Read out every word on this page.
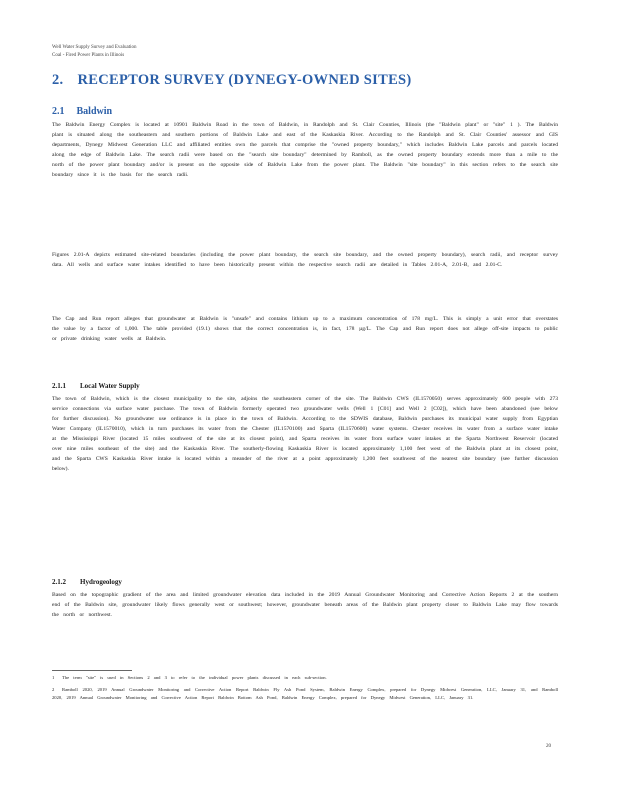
Well Water Supply Survey and Evaluation
Coal - Fired Power Plants in Illinois
2. RECEPTOR SURVEY (DYNEGY-OWNED SITES)
2.1 Baldwin
The Baldwin Energy Complex is located at 10901 Baldwin Road in the town of Baldwin, in Randolph and St. Clair Counties, Illinois (the "Baldwin plant" or "site" 1 ). The Baldwin plant is situated along the southeastern and southern portions of Baldwin Lake and east of the Kaskaskia River. According to the Randolph and St. Clair Counties' assessor and GIS departments, Dynegy Midwest Generation LLC and affiliated entities own the parcels that comprise the "owned property boundary," which includes Baldwin Lake parcels and parcels located along the edge of Baldwin Lake. The search radii were based on the "search site boundary" determined by Ramboll, as the owned property boundary extends more than a mile to the north of the power plant boundary and/or is present on the opposite side of Baldwin Lake from the power plant. The Baldwin "site boundary" in this section refers to the search site boundary since it is the basis for the search radii.
Figures 2.01-A depicts estimated site-related boundaries (including the power plant boundary, the search site boundary, and the owned property boundary), search radii, and receptor survey data. All wells and surface water intakes identified to have been historically present within the respective search radii are detailed in Tables 2.01-A, 2.01-B, and 2.01-C.
The Cap and Run report alleges that groundwater at Baldwin is "unsafe" and contains lithium up to a maximum concentration of 178 mg/L. This is simply a unit error that overstates the value by a factor of 1,000. The table provided (19.1) shows that the correct concentration is, in fact, 178 µg/L. The Cap and Run report does not allege off-site impacts to public or private drinking water wells at Baldwin.
2.1.1 Local Water Supply
The town of Baldwin, which is the closest municipality to the site, adjoins the southeastern corner of the site. The Baldwin CWS (IL1570050) serves approximately 600 people with 273 service connections via surface water purchase. The town of Baldwin formerly operated two groundwater wells (Well 1 [C01] and Well 2 [C02]), which have been abandoned (see below for further discussion). No groundwater use ordinance is in place in the town of Baldwin. According to the SDWIS database, Baldwin purchases its municipal water supply from Egyptian Water Company (IL1570010), which in turn purchases its water from the Chester (IL1570100) and Sparta (IL1570600) water systems. Chester receives its water from a surface water intake at the Mississippi River (located 15 miles southwest of the site at its closest point), and Sparta receives its water from surface water intakes at the Sparta Northwest Reservoir (located over nine miles southeast of the site) and the Kaskaskia River. The southerly-flowing Kaskaskia River is located approximately 1,100 feet west of the Baldwin plant at its closest point, and the Sparta CWS Kaskaskia River intake is located within a meander of the river at a point approximately 1,200 feet southwest of the nearest site boundary (see further discussion below).
2.1.2 Hydrogeology
Based on the topographic gradient of the area and limited groundwater elevation data included in the 2019 Annual Groundwater Monitoring and Corrective Action Reports 2 at the southern end of the Baldwin site, groundwater likely flows generally west or southwest; however, groundwater beneath areas of the Baldwin plant property closer to Baldwin Lake may flow towards the north or northwest.
1 The term "site" is used in Sections 2 and 3 to refer to the individual power plants discussed in each sub-section.
2 Ramboll 2020, 2019 Annual Groundwater Monitoring and Corrective Action Report Baldwin Fly Ash Pond System, Baldwin Energy Complex, prepared for Dynegy Midwest Generation, LLC, January 31, and Ramboll 2020, 2019 Annual Groundwater Monitoring and Corrective Action Report Baldwin Bottom Ash Pond, Baldwin Energy Complex, prepared for Dynegy Midwest Generation, LLC, January 31.
20
